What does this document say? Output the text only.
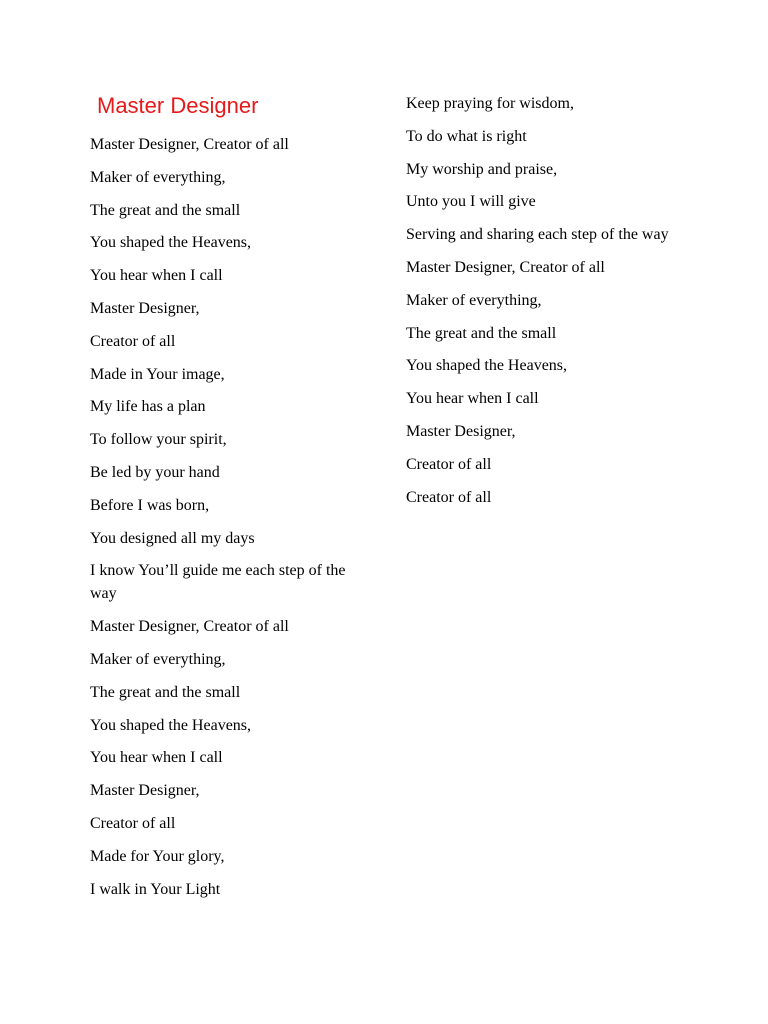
Master Designer

Master Designer, Creator of all

Maker of everything,

The great and the small

You shaped the Heavens,

You hear when I call

Master Designer,

Creator of all

Made in Your image,

My life has a plan

To follow your spirit,

Be led by your hand

Before I was born,

You designed all my days

I know You’ll guide me each step of the way

Master Designer, Creator of all

Maker of everything,

The great and the small

You shaped the Heavens,

You hear when I call

Master Designer,

Creator of all

Made for Your glory,

I walk in Your Light

Keep praying for wisdom,

To do what is right

My worship and praise,

Unto you I will give

Serving and sharing each step of the way

Master Designer, Creator of all

Maker of everything,

The great and the small

You shaped the Heavens,

You hear when I call

Master Designer,

Creator of all

Creator of all
